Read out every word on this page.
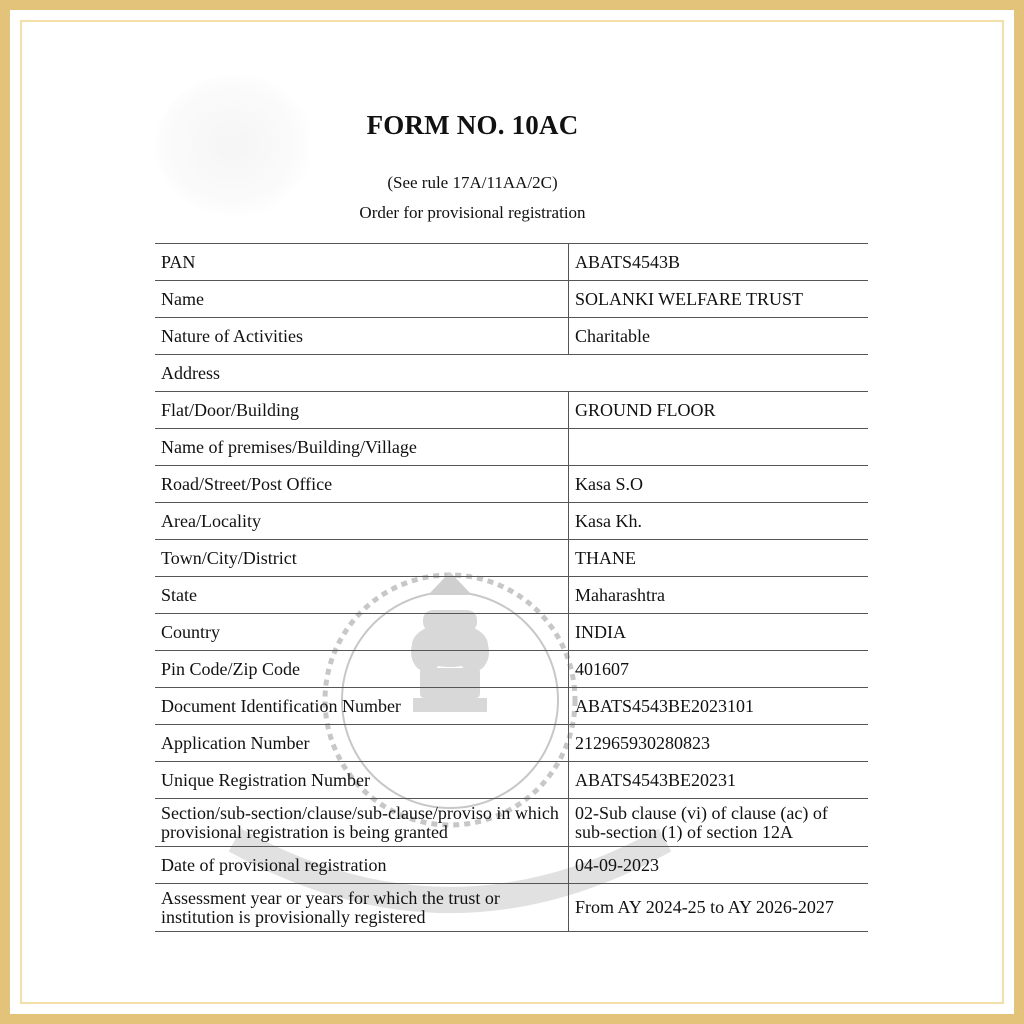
FORM NO. 10AC
(See rule 17A/11AA/2C)
Order for provisional registration
PAN	ABATS4543B
Name	SOLANKI WELFARE TRUST
Nature of Activities	Charitable
Address	
Flat/Door/Building	GROUND FLOOR
Name of premises/Building/Village	
Road/Street/Post Office	Kasa S.O
Area/Locality	Kasa Kh.
Town/City/District	THANE
State	Maharashtra
Country	INDIA
Pin Code/Zip Code	401607
Document Identification Number	ABATS4543BE2023101
Application Number	212965930280823
Unique Registration Number	ABATS4543BE20231
Section/sub-section/clause/sub-clause/proviso in which provisional registration is being granted	02-Sub clause (vi) of clause (ac) of sub-section (1) of section 12A
Date of provisional registration	04-09-2023
Assessment year or years for which the trust or institution is provisionally registered	From AY 2024-25 to AY 2026-2027
